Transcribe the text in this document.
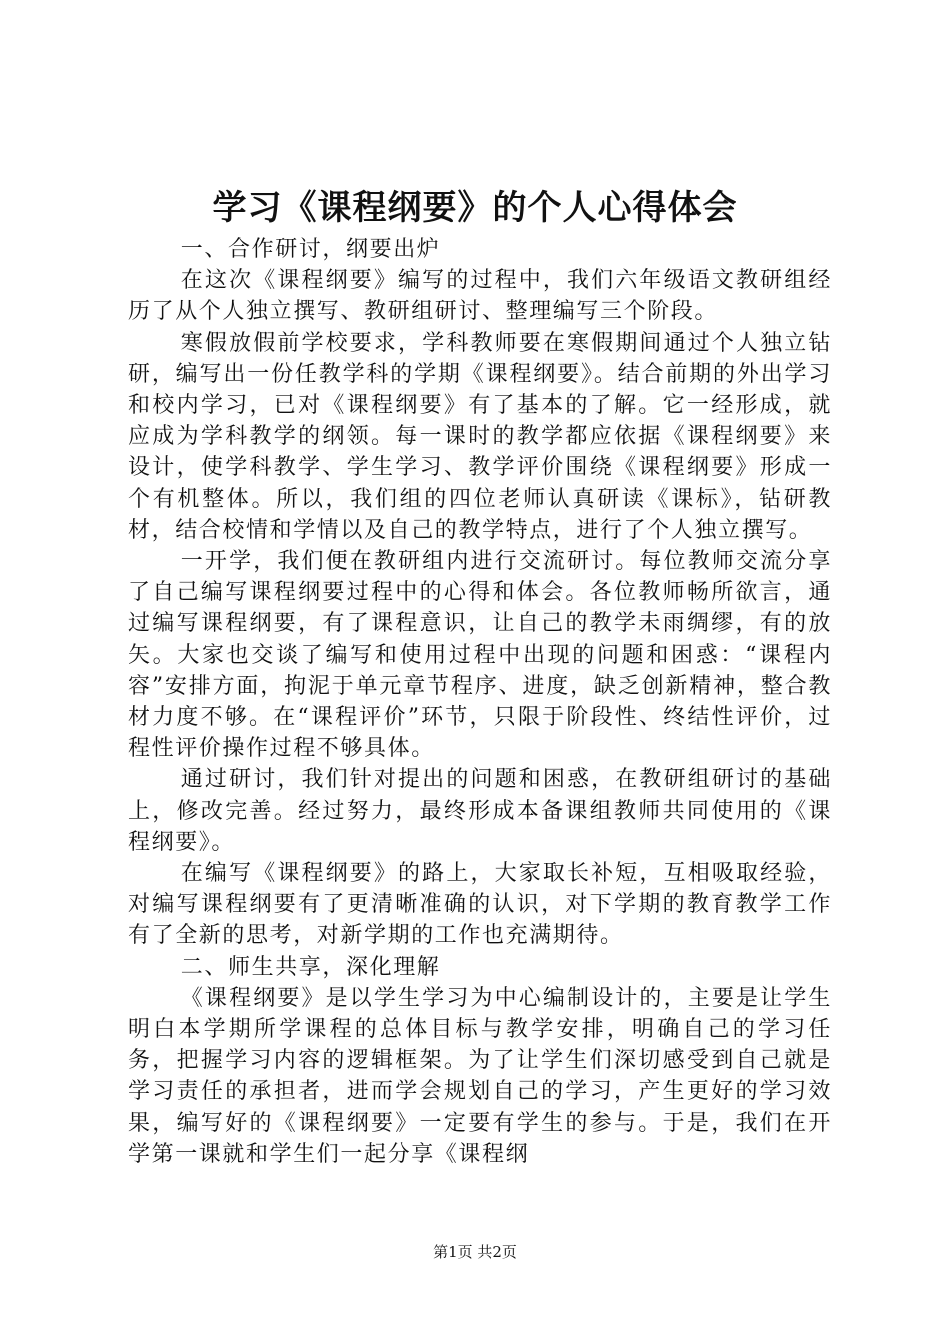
学习《课程纲要》的个人心得体会

一、合作研讨，纲要出炉

在这次《课程纲要》编写的过程中，我们六年级语文教研组经历了从个人独立撰写、教研组研讨、整理编写三个阶段。

寒假放假前学校要求，学科教师要在寒假期间通过个人独立钻研，编写出一份任教学科的学期《课程纲要》。结合前期的外出学习和校内学习，已对《课程纲要》有了基本的了解。它一经形成，就应成为学科教学的纲领。每一课时的教学都应依据《课程纲要》来设计，使学科教学、学生学习、教学评价围绕《课程纲要》形成一个有机整体。所以，我们组的四位老师认真研读《课标》，钻研教材，结合校情和学情以及自己的教学特点，进行了个人独立撰写。

一开学，我们便在教研组内进行交流研讨。每位教师交流分享了自己编写课程纲要过程中的心得和体会。各位教师畅所欲言，通过编写课程纲要，有了课程意识，让自己的教学未雨绸缪，有的放矢。大家也交谈了编写和使用过程中出现的问题和困惑：“课程内容”安排方面，拘泥于单元章节程序、进度，缺乏创新精神，整合教材力度不够。在“课程评价”环节，只限于阶段性、终结性评价，过程性评价操作过程不够具体。

通过研讨，我们针对提出的问题和困惑，在教研组研讨的基础上，修改完善。经过努力，最终形成本备课组教师共同使用的《课程纲要》。

在编写《课程纲要》的路上，大家取长补短，互相吸取经验，对编写课程纲要有了更清晰准确的认识，对下学期的教育教学工作有了全新的思考，对新学期的工作也充满期待。

二、师生共享，深化理解

《课程纲要》是以学生学习为中心编制设计的，主要是让学生明白本学期所学课程的总体目标与教学安排，明确自己的学习任务，把握学习内容的逻辑框架。为了让学生们深切感受到自己就是学习责任的承担者，进而学会规划自己的学习，产生更好的学习效果，编写好的《课程纲要》一定要有学生的参与。于是，我们在开学第一课就和学生们一起分享《课程纲

第1页 共2页
